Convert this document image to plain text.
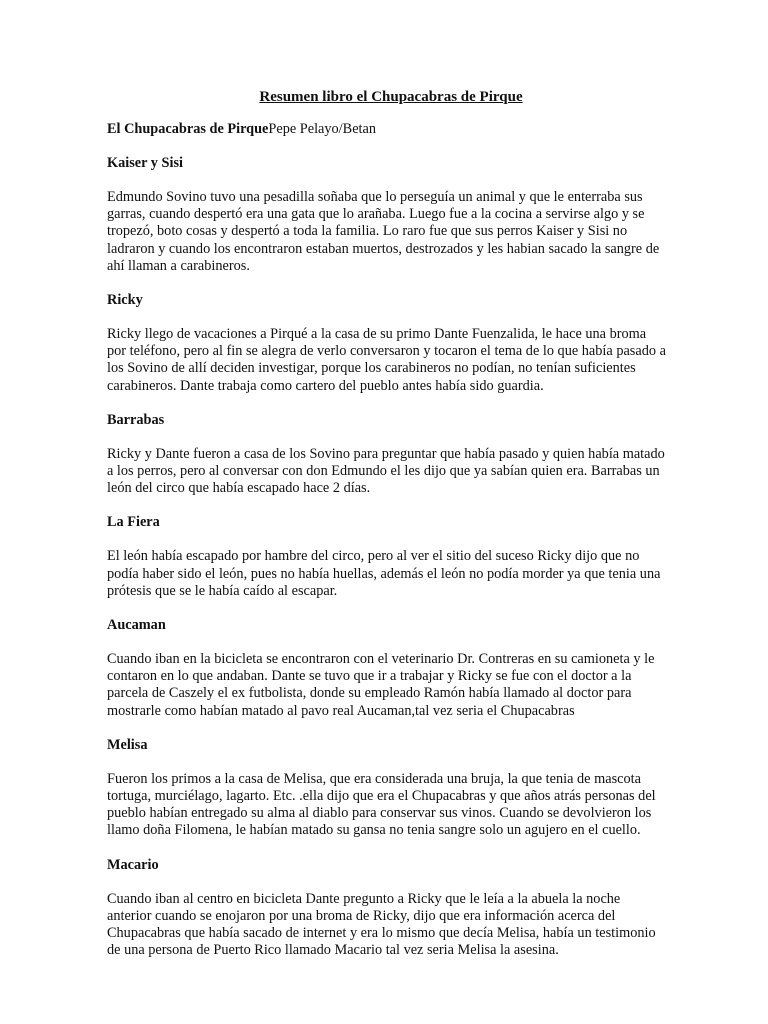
Resumen libro el Chupacabras de Pirque

El Chupacabras de PirquePepe Pelayo/Betan

Kaiser y Sisi

Edmundo Sovino tuvo una pesadilla soñaba que lo perseguía un animal y que le enterraba sus garras, cuando despertó era una gata que lo arañaba. Luego fue a la cocina a servirse algo y se tropezó, boto cosas y despertó a toda la familia. Lo raro fue que sus perros Kaiser y Sisi no ladraron y cuando los encontraron estaban muertos, destrozados y les habian sacado la sangre de ahí llaman a carabineros.

Ricky

Ricky llego de vacaciones a Pirqué a la casa de su primo Dante Fuenzalida, le hace una broma por teléfono, pero al fin se alegra de verlo conversaron y tocaron el tema de lo que había pasado a los Sovino de allí deciden investigar, porque los carabineros no podían, no tenían suficientes carabineros. Dante trabaja como cartero del pueblo antes había sido guardia.

Barrabas

Ricky y Dante fueron a casa de los Sovino para preguntar que había pasado y quien había matado a los perros, pero al conversar con don Edmundo el les dijo que ya sabían quien era. Barrabas un león del circo que había escapado hace 2 días.

La Fiera

El león había escapado por hambre del circo, pero al ver el sitio del suceso Ricky dijo que no podía haber sido el león, pues no había huellas, además el león no podía morder ya que tenia una prótesis que se le había caído al escapar.

Aucaman

Cuando iban en la bicicleta se encontraron con el veterinario Dr. Contreras en su camioneta y le contaron en lo que andaban. Dante se tuvo que ir a trabajar y Ricky se fue con el doctor a la parcela de Caszely el ex futbolista, donde su empleado Ramón había llamado al doctor para mostrarle como habían matado al pavo real Aucaman,tal vez seria el Chupacabras

Melisa

Fueron los primos a la casa de Melisa, que era considerada una bruja, la que tenia de mascota tortuga, murciélago, lagarto. Etc. .ella dijo que era el Chupacabras y que años atrás personas del pueblo habían entregado su alma al diablo para conservar sus vinos. Cuando se devolvieron los llamo doña Filomena, le habían matado su gansa no tenia sangre solo un agujero en el cuello.

Macario

Cuando iban al centro en bicicleta Dante pregunto a Ricky que le leía a la abuela la noche anterior cuando se enojaron por una broma de Ricky, dijo que era información acerca del Chupacabras que había sacado de internet y era lo mismo que decía Melisa, había un testimonio de una persona de Puerto Rico llamado Macario tal vez seria Melisa la asesina.
